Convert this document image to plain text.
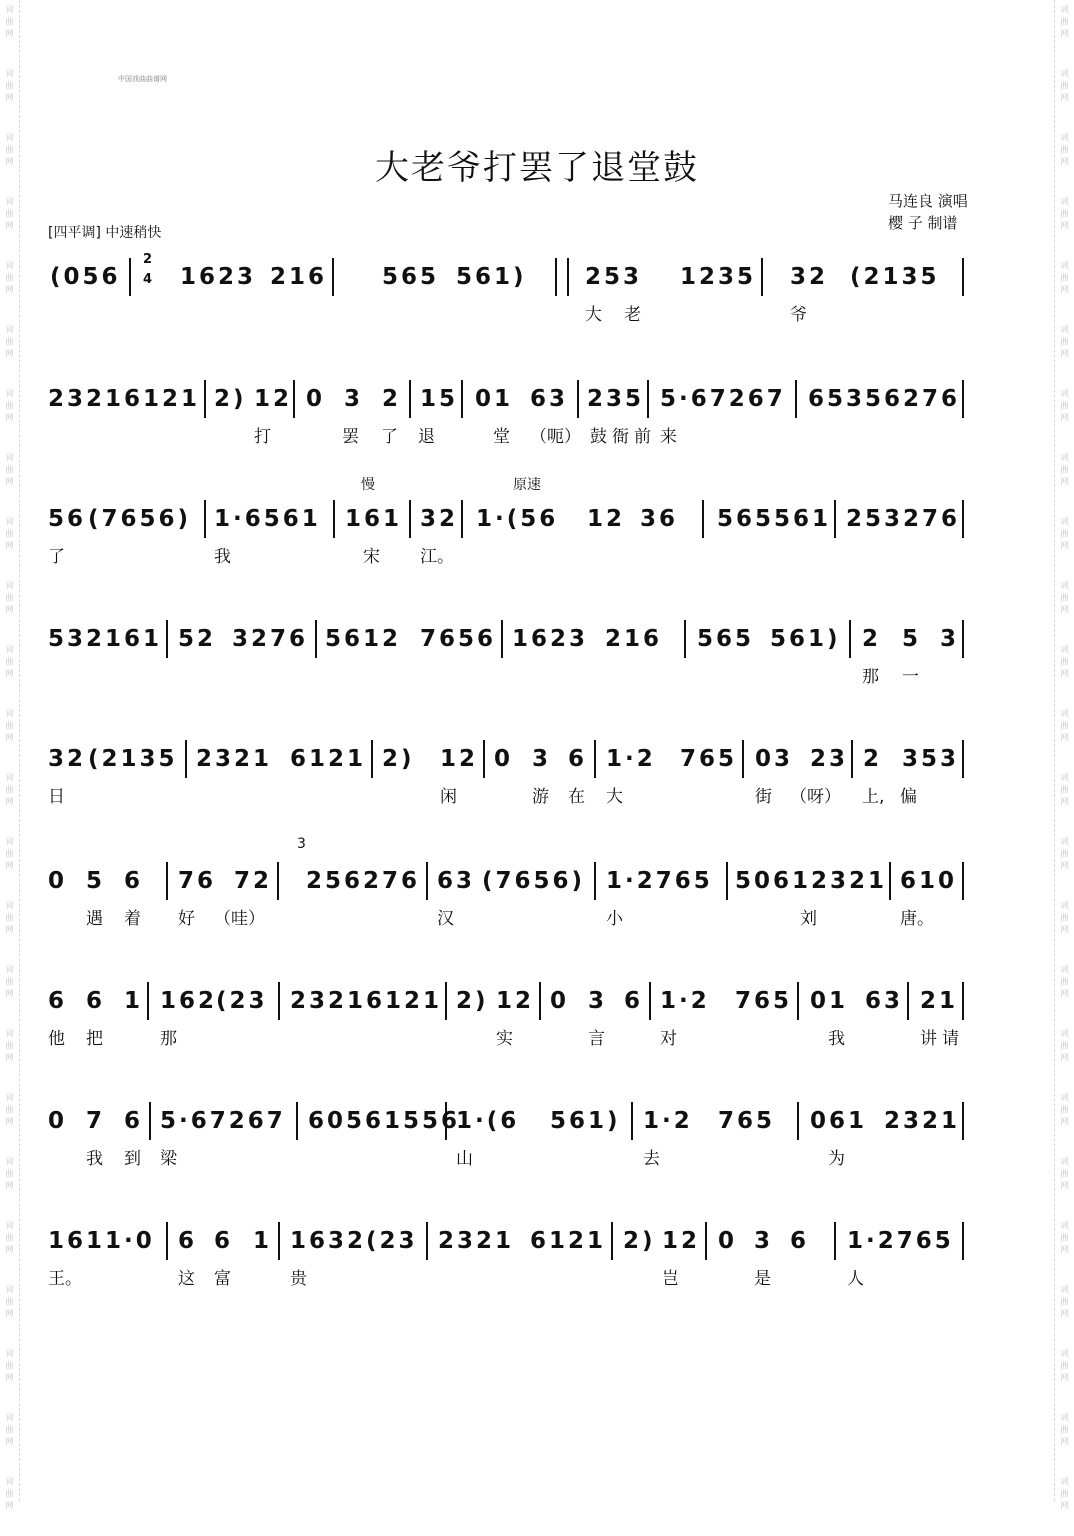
词
曲
网
词
曲
网
词
曲
网
词
曲
网
词
曲
网
词
曲
网
词
曲
网
词
曲
网
词
曲
网
词
曲
网
词
曲
网
词
曲
网
词
曲
网
词
曲
网
词
曲
网
词
曲
网
词
曲
网
词
曲
网
词
曲
网
词
曲
网
词
曲
网
词
曲
网
词
曲
网
词
曲
网
词
曲
网
词
曲
网
词
曲
网
词
曲
网
词
曲
网
词
曲
网
词
曲
网
词
曲
网
词
曲
网
词
曲
网
词
曲
网
词
曲
网
词
曲
网
词
曲
网
词
曲
网
词
曲
网
词
曲
网
词
曲
网
词
曲
网
词
曲
网
词
曲
网
词
曲
网
词
曲
网
词
曲
网
中国戏曲曲谱网
大老爷打罢了退堂鼓
马连良 演唱
樱 子 制谱
[四平调] 中速稍快
(056
2
4 1623 216 565 561)	253 1235 32 (2135
大 老	爷
23216121 2) 12 0 3 2 15 01 63 235 5·67267 65356276
打	罢 了 退	堂 （呃） 鼓 衙 前 来
56 (7656) 1·6561 161 32 1·(56 12 36 565561 253276
慢	原速
了	我	宋 江。
532161 52 3276 5612 7656 1623 216 565 561) 2 5 3
那 一
32 (2135 2321 6121 2) 12 0 3 6 1·2 765 03 23 2 353
日	闲	游 在 大	街 （呀） 上, 偏
0 5 6 76 72 256276 63 (7656) 1·2765 50612321 610
3
遇 着 好 （哇）	汉	小	刘	唐。
6 6 1 162
(23 23216121 2) 12 0 3 6 1·2 765 01 63 21
他 把	那	实	言	对	我	讲 请
0 7 6 5·67267 60561556
1·(6 561) 1·2 765 061 2321
我 到 梁	山	去	为
1611·0 6 6 1 1632 (23 2321 6121 2) 12 0 3 6 1·2765
王。	这 富	贵	岂	是	人
